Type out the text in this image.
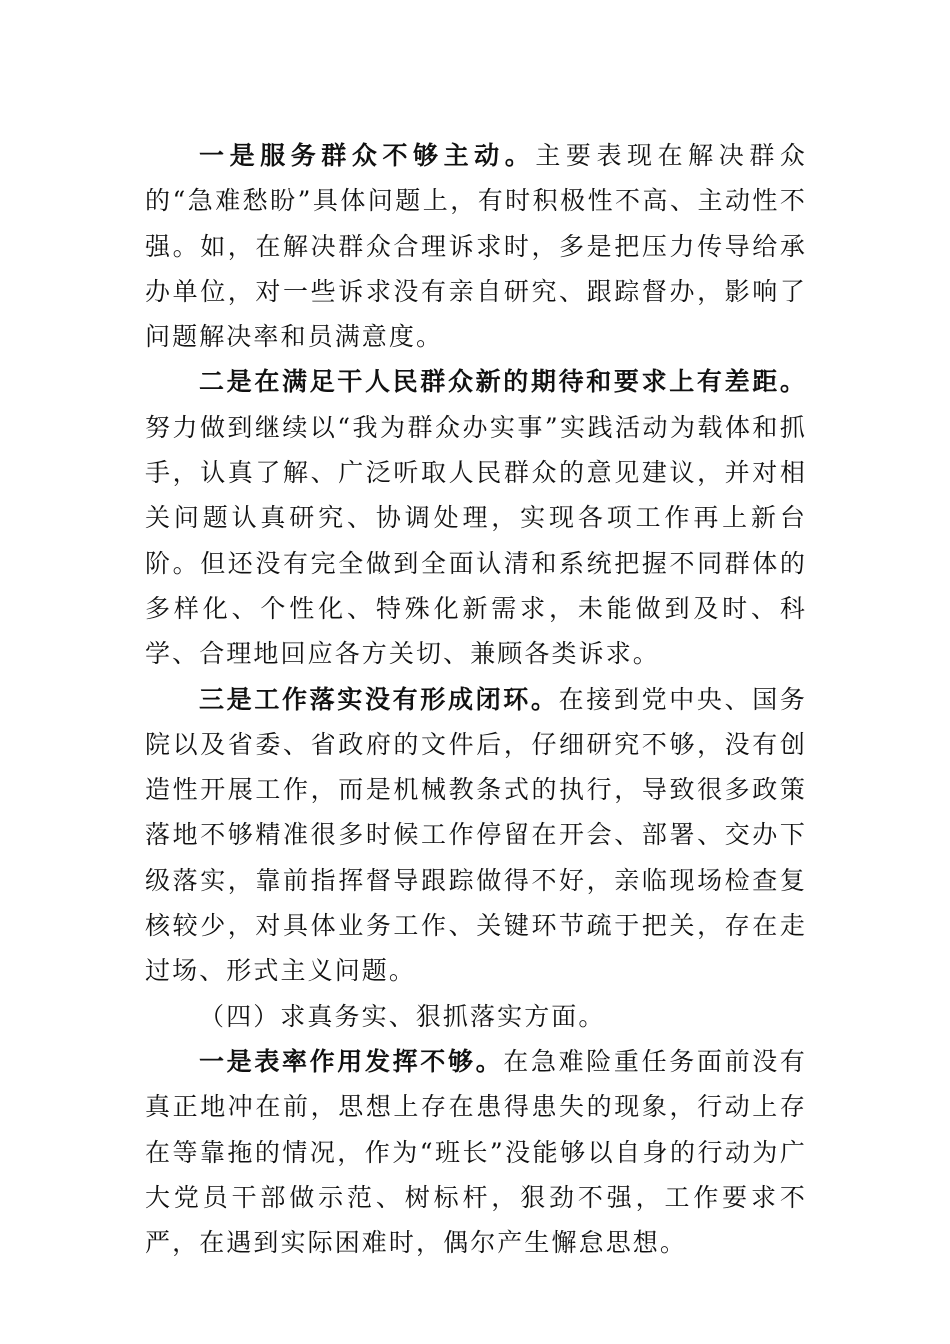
一是服务群众不够主动。主要表现在解决群众的“急难愁盼”具体问题上，有时积极性不高、主动性不强。如，在解决群众合理诉求时，多是把压力传导给承办单位，对一些诉求没有亲自研究、跟踪督办，影响了问题解决率和员满意度。

二是在满足干人民群众新的期待和要求上有差距。努力做到继续以“我为群众办实事”实践活动为载体和抓手，认真了解、广泛听取人民群众的意见建议，并对相关问题认真研究、协调处理，实现各项工作再上新台阶。但还没有完全做到全面认清和系统把握不同群体的多样化、个性化、特殊化新需求，未能做到及时、科学、合理地回应各方关切、兼顾各类诉求。

三是工作落实没有形成闭环。在接到党中央、国务院以及省委、省政府的文件后，仔细研究不够，没有创造性开展工作，而是机械教条式的执行，导致很多政策落地不够精准很多时候工作停留在开会、部署、交办下级落实，靠前指挥督导跟踪做得不好，亲临现场检查复核较少，对具体业务工作、关键环节疏于把关，存在走过场、形式主义问题。

（四）求真务实、狠抓落实方面。

一是表率作用发挥不够。在急难险重任务面前没有真正地冲在前，思想上存在患得患失的现象，行动上存在等靠拖的情况，作为“班长”没能够以自身的行动为广大党员干部做示范、树标杆，狠劲不强，工作要求不严，在遇到实际困难时，偶尔产生懈怠思想。
